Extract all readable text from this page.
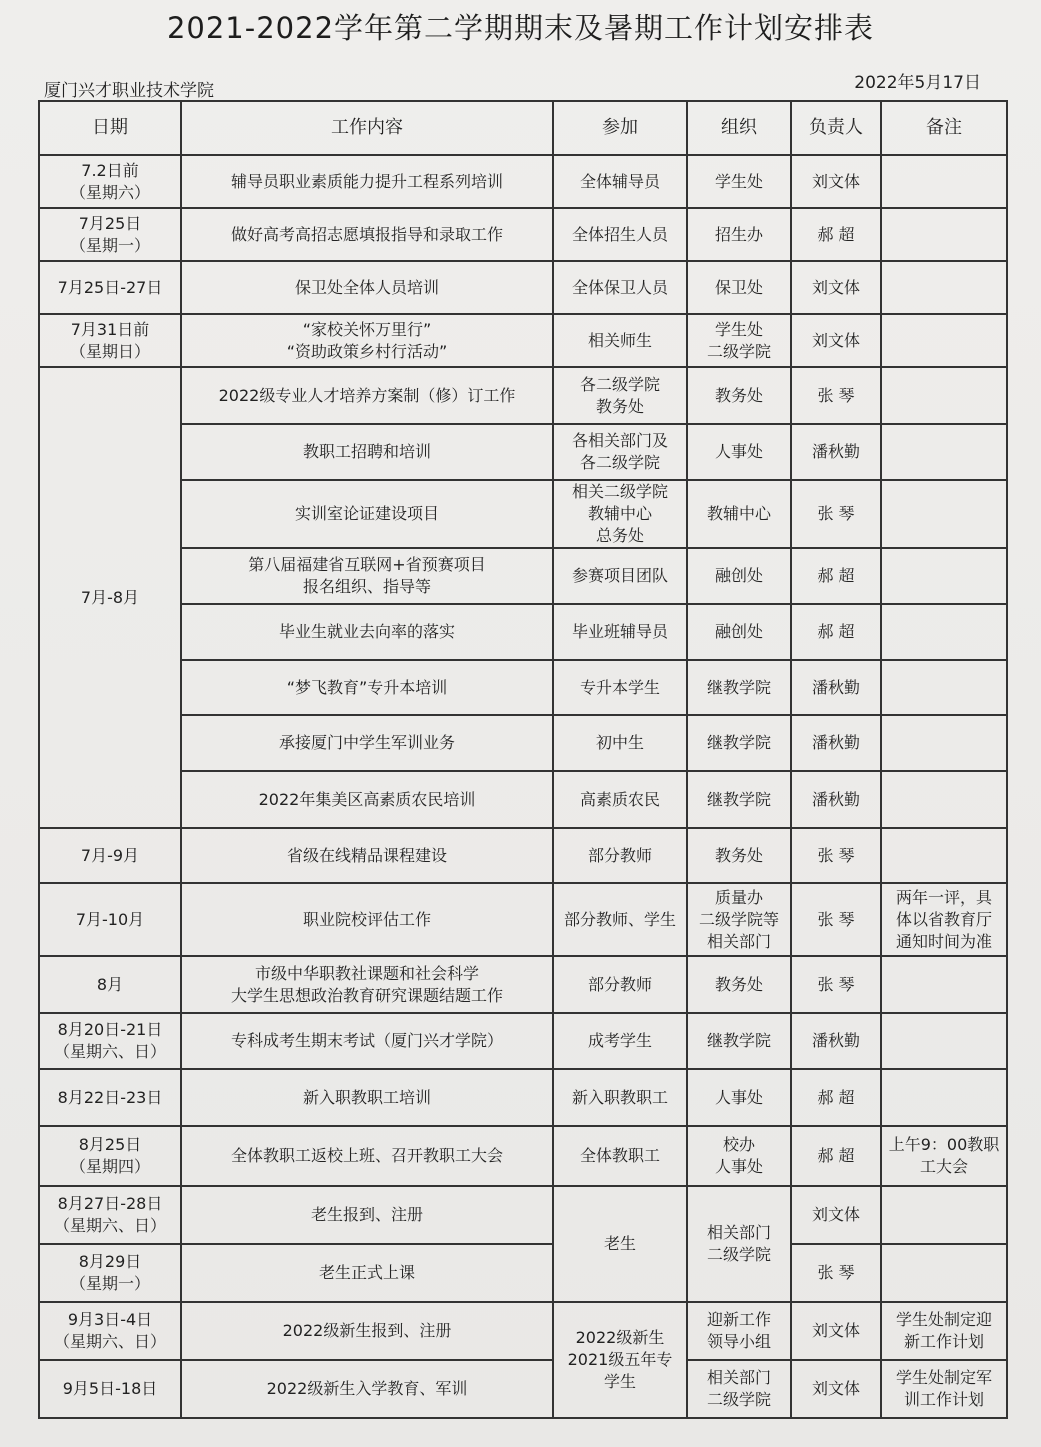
2021-2022学年第二学期期末及暑期工作计划安排表
厦门兴才职业技术学院	2022年5月17日
日期	工作内容	参加	组织	负责人	备注

7.2日前
（星期六）	辅导员职业素质能力提升工程系列培训	全体辅导员	学生处	刘文体	

7月25日
（星期一）	做好高考高招志愿填报指导和录取工作	全体招生人员	招生办	郝 超	

7月25日-27日	保卫处全体人员培训	全体保卫人员	保卫处	刘文体	

7月31日前
（星期日）	“家校关怀万里行”
“资助政策乡村行活动”	相关师生	学生处
二级学院	刘文体	

7月-8月	2022级专业人才培养方案制（修）订工作	各二级学院
教务处	教务处	张 琴	

	教职工招聘和培训	各相关部门及
各二级学院	人事处	潘秋勤	

	实训室论证建设项目	相关二级学院
教辅中心
总务处	教辅中心	张 琴	

	第八届福建省互联网+省预赛项目
报名组织、指导等	参赛项目团队	融创处	郝 超	

	毕业生就业去向率的落实	毕业班辅导员	融创处	郝 超	

	“梦飞教育”专升本培训	专升本学生	继教学院	潘秋勤	

	承接厦门中学生军训业务	初中生	继教学院	潘秋勤	

	2022年集美区高素质农民培训	高素质农民	继教学院	潘秋勤	

7月-9月	省级在线精品课程建设	部分教师	教务处	张 琴	

7月-10月	职业院校评估工作	部分教师、学生	质量办
二级学院等
相关部门	张 琴	两年一评，具
体以省教育厅
通知时间为准

8月	市级中华职教社课题和社会科学
大学生思想政治教育研究课题结题工作	部分教师	教务处	张 琴	

8月20日-21日
（星期六、日）	专科成考生期末考试（厦门兴才学院）	成考学生	继教学院	潘秋勤	

8月22日-23日	新入职教职工培训	新入职教职工	人事处	郝 超	

8月25日
（星期四）	全体教职工返校上班、召开教职工大会	全体教职工	校办
人事处	郝 超	上午9：00教职
工大会

8月27日-28日
（星期六、日）	老生报到、注册	老生	相关部门
二级学院	刘文体	

8月29日
（星期一）	老生正式上课			张 琴	

9月3日-4日
（星期六、日）	2022级新生报到、注册	2022级新生
2021级五年专
学生	迎新工作
领导小组	刘文体	学生处制定迎
新工作计划

9月5日-18日	2022级新生入学教育、军训		相关部门
二级学院	刘文体	学生处制定军
训工作计划
